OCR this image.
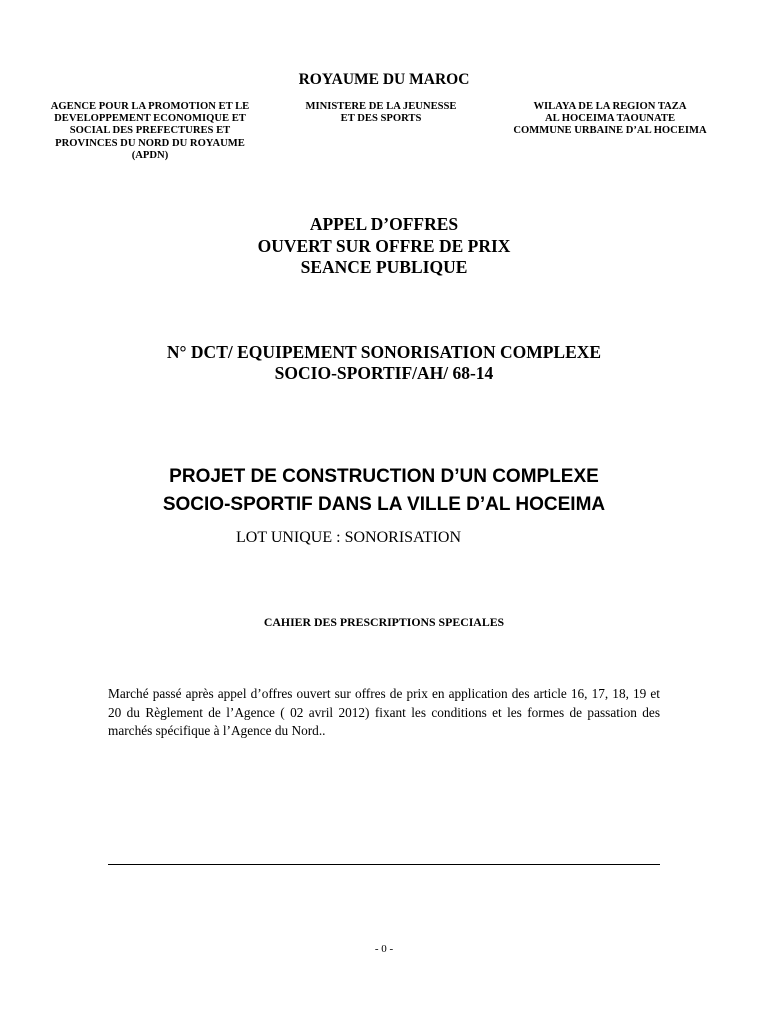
ROYAUME DU MAROC
AGENCE POUR LA PROMOTION ET LE
DEVELOPPEMENT ECONOMIQUE ET
SOCIAL DES PREFECTURES ET
PROVINCES DU NORD DU ROYAUME
(APDN)
MINISTERE DE LA JEUNESSE
ET DES SPORTS
WILAYA DE LA REGION TAZA
AL HOCEIMA TAOUNATE
COMMUNE URBAINE D’AL HOCEIMA
APPEL D’OFFRES
OUVERT SUR OFFRE DE PRIX
SEANCE PUBLIQUE
N° DCT/ EQUIPEMENT SONORISATION COMPLEXE
SOCIO-SPORTIF/AH/ 68-14
PROJET DE CONSTRUCTION D’UN COMPLEXE
SOCIO-SPORTIF DANS LA VILLE D’AL HOCEIMA
LOT UNIQUE : SONORISATION
CAHIER DES PRESCRIPTIONS SPECIALES
Marché passé après appel d’offres ouvert sur offres de prix en application des article 16, 17, 18, 19 et 20 du Règlement de l’Agence ( 02 avril 2012) fixant les conditions et les formes de passation des marchés spécifique à l’Agence du Nord..
- 0 -
